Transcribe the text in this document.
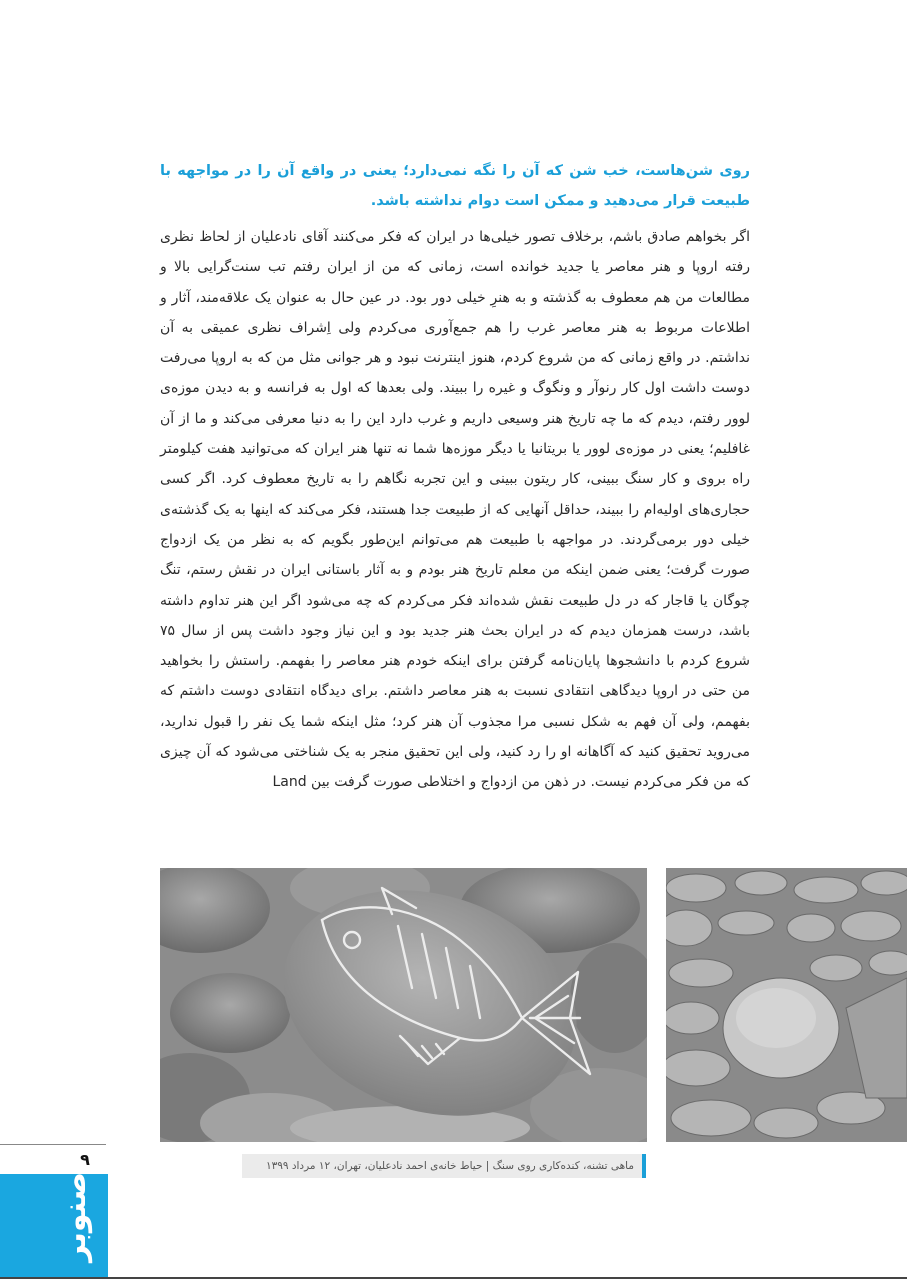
روی شن‌هاست، خب شن که آن را نگه نمی‌دارد؛ یعنی در واقع آن را در مواجهه با طبیعت قرار می‌دهید و ممکن است دوام نداشته باشد.

اگر بخواهم صادق باشم، برخلاف تصور خیلی‌ها در ایران که فکر می‌کنند آقای نادعلیان از لحاظ نظری رفته اروپا و هنر معاصر یا جدید خوانده است، زمانی که من از ایران رفتم تب سنت‌گرایی بالا و مطالعات من هم معطوف به گذشته و به هنرِ خیلی دور بود. در عین حال به عنوان یک علاقه‌مند، آثار و اطلاعات مربوط به هنر معاصر غرب را هم جمع‌آوری می‌کردم ولی اِشراف نظری عمیقی به آن نداشتم. در واقع زمانی که من شروع کردم، هنوز اینترنت نبود و هر جوانی مثل من که به اروپا می‌رفت دوست داشت اول کار رنوآر و ونگوگ و غیره را ببیند. ولی بعدها که اول به فرانسه و به دیدن موزه‌ی لوور رفتم، دیدم که ما چه تاریخ هنر وسیعی داریم و غرب دارد این را به دنیا معرفی می‌کند و ما از آن غافلیم؛ یعنی در موزه‌ی لوور یا بریتانیا یا دیگر موزه‌ها شما نه تنها هنر ایران که می‌توانید هفت کیلومتر راه بروی و کار سنگ ببینی، کار ریتون ببینی و این تجربه نگاهم را به تاریخ معطوف کرد. اگر کسی حجاری‌های اولیه‌ام را ببیند، حداقل آنهایی که از طبیعت جدا هستند، فکر می‌کند که اینها به یک گذشته‌ی خیلی دور برمی‌گردند. در مواجهه با طبیعت هم می‌توانم این‌طور بگویم که به نظر من یک ازدواج صورت گرفت؛ یعنی ضمن اینکه من معلم تاریخ هنر بودم و به آثار باستانی ایران در نقش رستم، تنگ چوگان یا قاجار که در دل طبیعت نقش شده‌اند فکر می‌کردم که چه می‌شود اگر این هنر تداوم داشته باشد، درست همزمان دیدم که در ایران بحث هنر جدید بود و این نیاز وجود داشت پس از سال ۷۵ شروع کردم با دانشجوها پایان‌نامه گرفتن برای اینکه خودم هنر معاصر را بفهمم. راستش را بخواهید من حتی در اروپا دیدگاهی انتقادی نسبت به هنر معاصر داشتم. برای دیدگاه انتقادی دوست داشتم که بفهمم، ولی آن فهم به شکل نسبی مرا مجذوب آن هنر کرد؛ مثل اینکه شما یک نفر را قبول ندارید، می‌روید تحقیق کنید که آگاهانه او را رد کنید، ولی این تحقیق منجر به یک شناختی می‌شود که آن چیزی که من فکر می‌کردم نیست. در ذهن من ازدواج و اختلاطی صورت گرفت بین Land

ماهی تشنه، کنده‌کاری روی سنگ | حیاط خانه‌ی احمد نادعلیان، تهران، ۱۲ مرداد ۱۳۹۹
۹
صنوبر
